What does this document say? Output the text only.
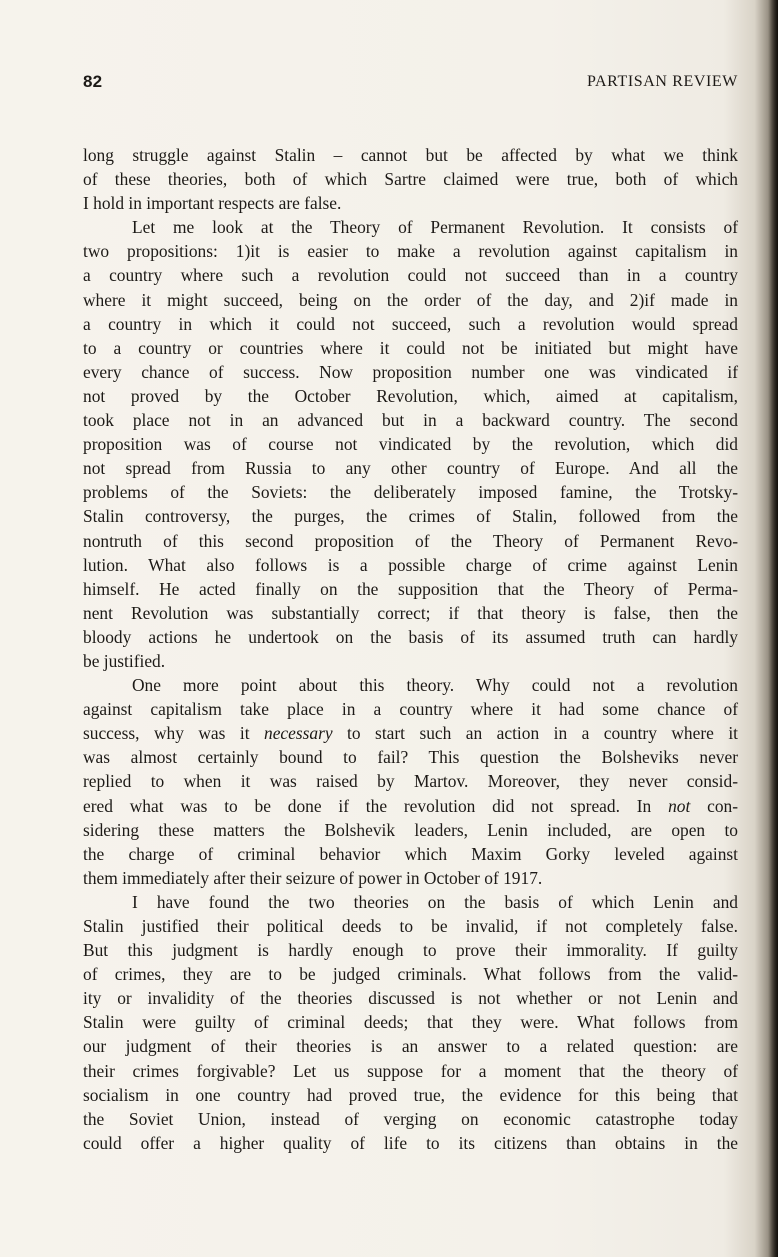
82	PARTISAN REVIEW
long struggle against Stalin – cannot but be affected by what we think
of these theories, both of which Sartre claimed were true, both of which
I hold in important respects are false.
Let me look at the Theory of Permanent Revolution. It consists of
two propositions: 1)it is easier to make a revolution against capitalism in
a country where such a revolution could not succeed than in a country
where it might succeed, being on the order of the day, and 2)if made in
a country in which it could not succeed, such a revolution would spread
to a country or countries where it could not be initiated but might have
every chance of success. Now proposition number one was vindicated if
not proved by the October Revolution, which, aimed at capitalism,
took place not in an advanced but in a backward country. The second
proposition was of course not vindicated by the revolution, which did
not spread from Russia to any other country of Europe. And all the
problems of the Soviets: the deliberately imposed famine, the Trotsky-
Stalin controversy, the purges, the crimes of Stalin, followed from the
nontruth of this second proposition of the Theory of Permanent Revo-
lution. What also follows is a possible charge of crime against Lenin
himself. He acted finally on the supposition that the Theory of Perma-
nent Revolution was substantially correct; if that theory is false, then the
bloody actions he undertook on the basis of its assumed truth can hardly
be justified.
One more point about this theory. Why could not a revolution
against capitalism take place in a country where it had some chance of
success, why was it necessary to start such an action in a country where it
was almost certainly bound to fail? This question the Bolsheviks never
replied to when it was raised by Martov. Moreover, they never consid-
ered what was to be done if the revolution did not spread. In not con-
sidering these matters the Bolshevik leaders, Lenin included, are open to
the charge of criminal behavior which Maxim Gorky leveled against
them immediately after their seizure of power in October of 1917.
I have found the two theories on the basis of which Lenin and
Stalin justified their political deeds to be invalid, if not completely false.
But this judgment is hardly enough to prove their immorality. If guilty
of crimes, they are to be judged criminals. What follows from the valid-
ity or invalidity of the theories discussed is not whether or not Lenin and
Stalin were guilty of criminal deeds; that they were. What follows from
our judgment of their theories is an answer to a related question: are
their crimes forgivable? Let us suppose for a moment that the theory of
socialism in one country had proved true, the evidence for this being that
the Soviet Union, instead of verging on economic catastrophe today
could offer a higher quality of life to its citizens than obtains in the
